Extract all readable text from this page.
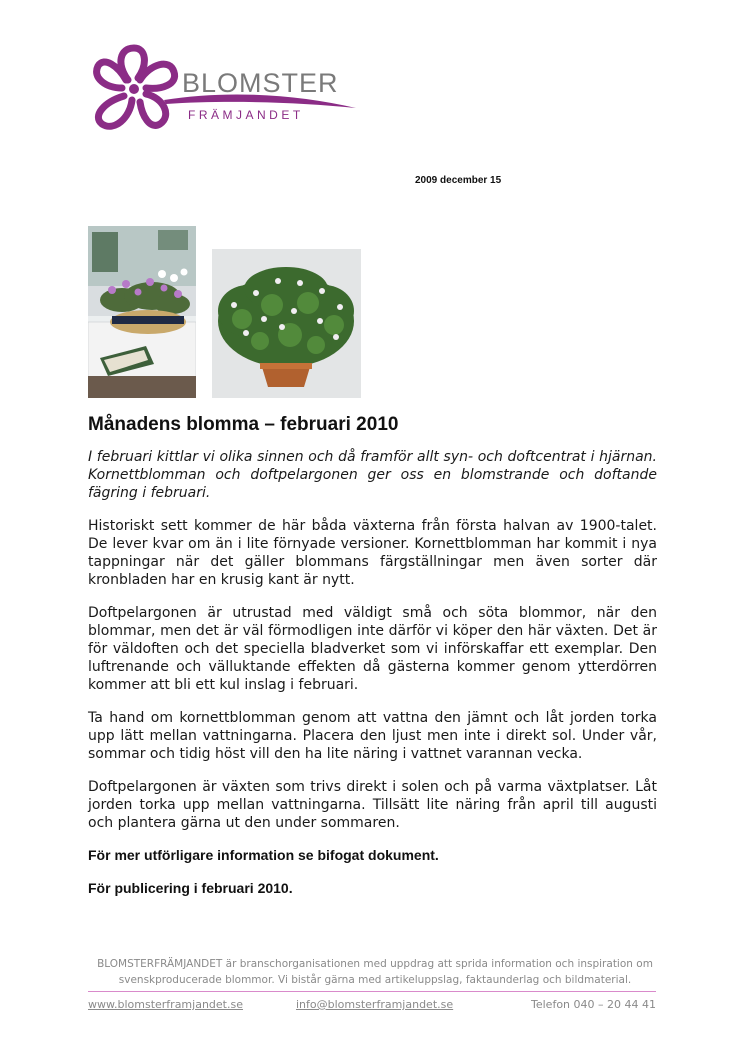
BLOMSTER
FRÄMJANDET
2009 december 15
Månadens blomma – februari 2010

I februari kittlar vi olika sinnen och då framför allt syn- och doftcentrat i hjärnan. Kornettblomman och doftpelargonen ger oss en blomstrande och doftande fägring i februari.

Historiskt sett kommer de här båda växterna från första halvan av 1900-talet. De lever kvar om än i lite förnyade versioner. Kornettblomman har kommit i nya tappningar när det gäller blommans färgställningar men även sorter där kronbladen har en krusig kant är nytt.

Doftpelargonen är utrustad med väldigt små och söta blommor, när den blommar, men det är väl förmodligen inte därför vi köper den här växten. Det är för väldoften och det speciella bladverket som vi införskaffar ett exemplar. Den luftrenande och välluktande effekten då gästerna kommer genom ytterdörren kommer att bli ett kul inslag i februari.

Ta hand om kornettblomman genom att vattna den jämnt och låt jorden torka upp lätt mellan vattningarna. Placera den ljust men inte i direkt sol. Under vår, sommar och tidig höst vill den ha lite näring i vattnet varannan vecka.

Doftpelargonen är växten som trivs direkt i solen och på varma växtplatser. Låt jorden torka upp mellan vattningarna. Tillsätt lite näring från april till augusti och plantera gärna ut den under sommaren.

För mer utförligare information se bifogat dokument.

För publicering i februari 2010.

BLOMSTERFRÄMJANDET är branschorganisationen med uppdrag att sprida information och inspiration om svenskproducerade blommor. Vi bistår gärna med artikeluppslag, faktaunderlag och bildmaterial.
www.blomsterframjandet.se	info@blomsterframjandet.se	Telefon 040 – 20 44 41
